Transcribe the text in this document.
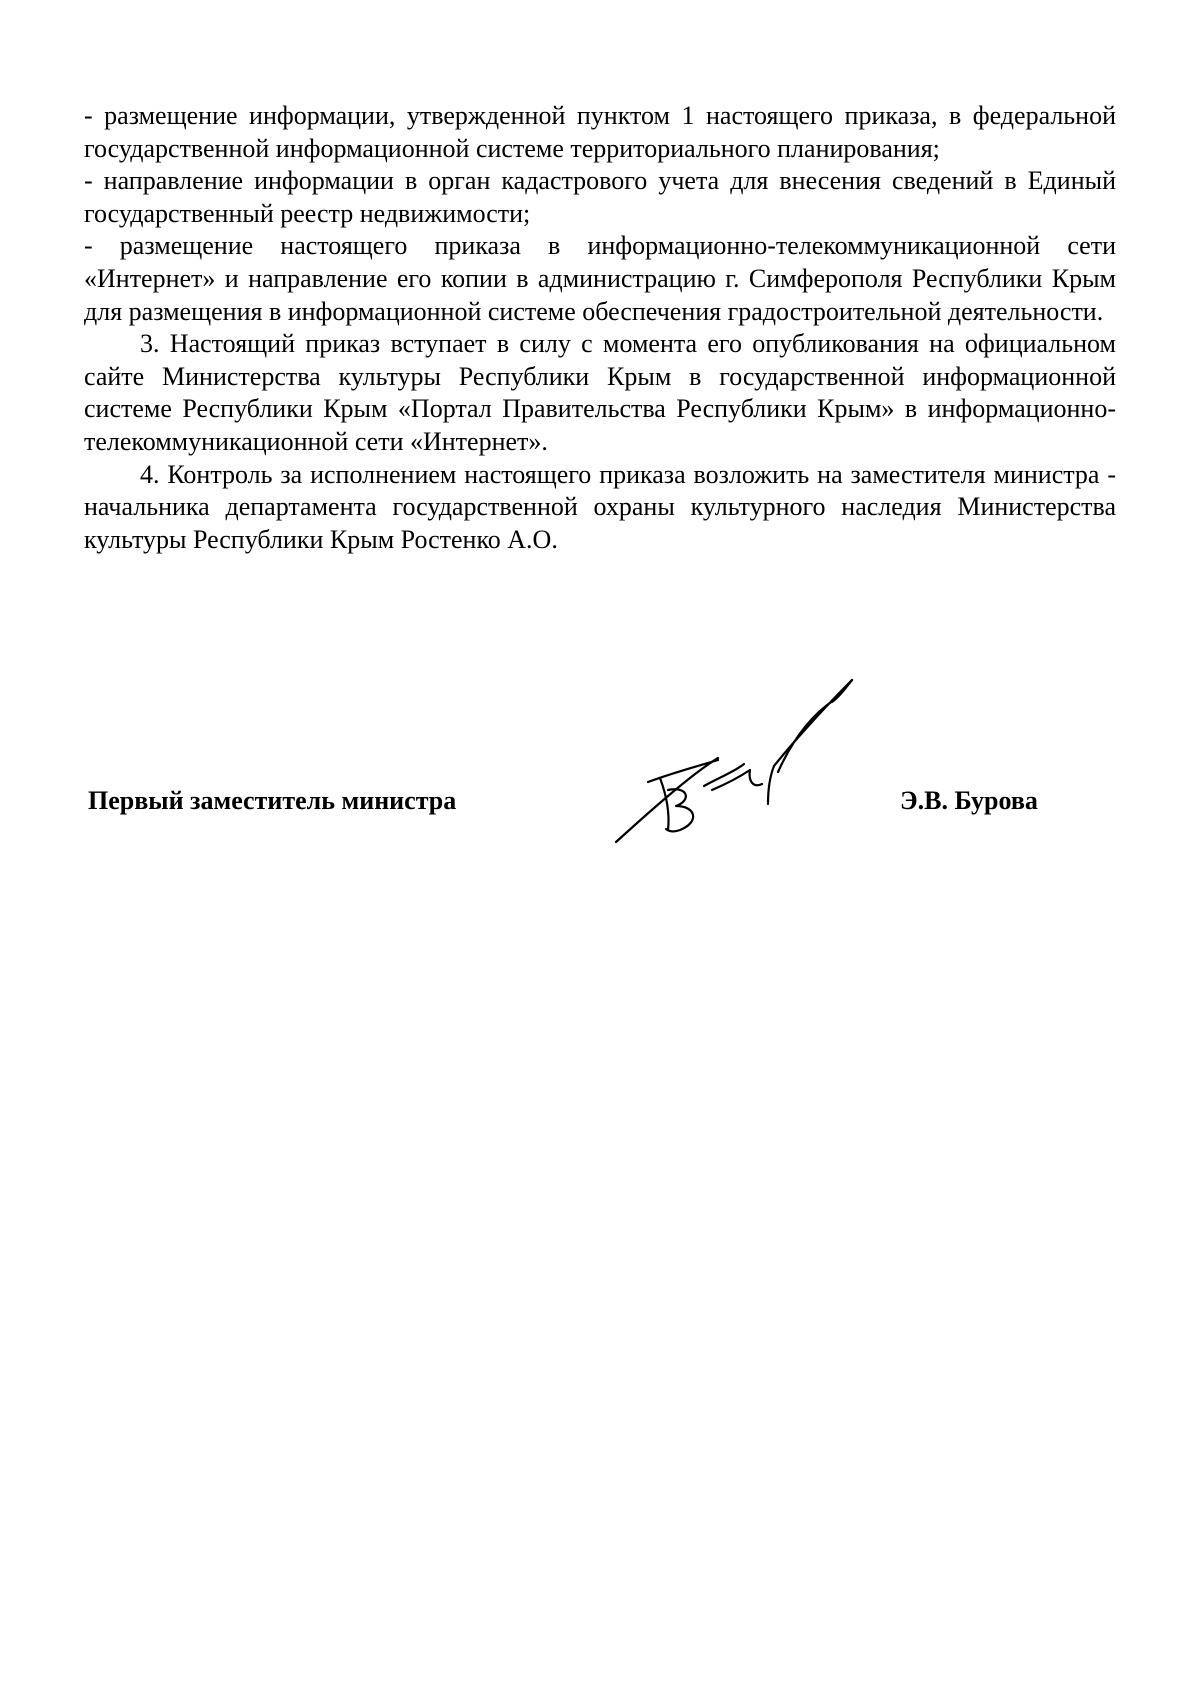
- размещение информации, утвержденной пунктом 1 настоящего приказа, в федеральной государственной информационной системе территориального планирования;

- направление информации в орган кадастрового учета для внесения сведений в Единый государственный реестр недвижимости;

- размещение настоящего приказа в информационно-телекоммуникационной сети «Интернет» и направление его копии в администрацию г. Симферополя Республики Крым для размещения в информационной системе обеспечения градостроительной деятельности.

3. Настоящий приказ вступает в силу с момента его опубликования на официальном сайте Министерства культуры Республики Крым в государственной информационной системе Республики Крым «Портал Правительства Республики Крым» в информационно-телекоммуникационной сети «Интернет».

4. Контроль за исполнением настоящего приказа возложить на заместителя министра - начальника департамента государственной охраны культурного наследия Министерства культуры Республики Крым Ростенко А.О.

Первый заместитель министра	Э.В. Бурова
